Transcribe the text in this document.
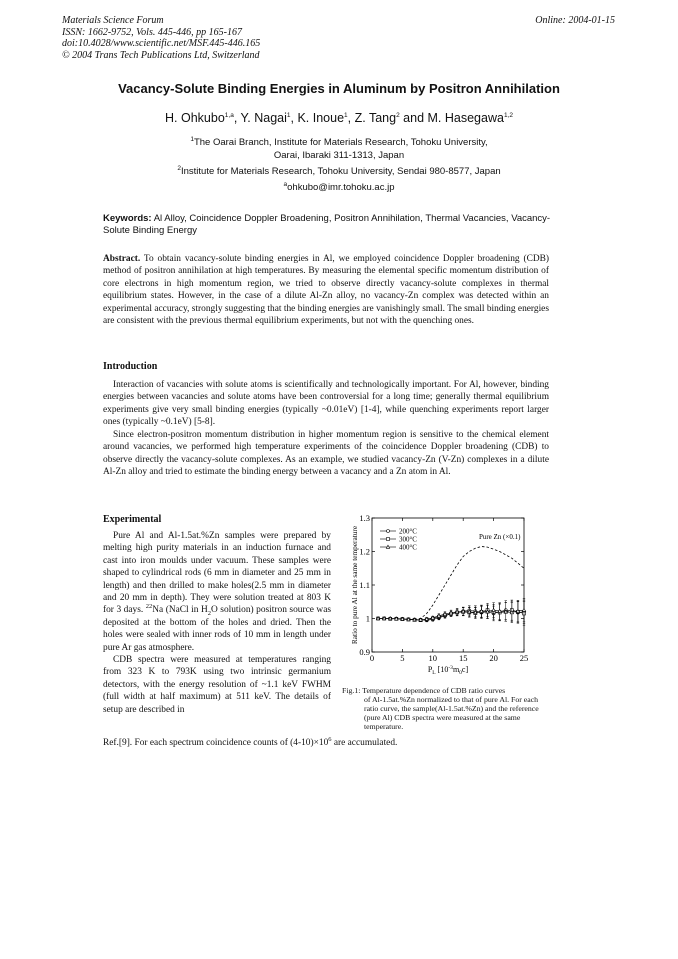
Materials Science Forum
ISSN: 1662-9752, Vols. 445-446, pp 165-167
doi:10.4028/www.scientific.net/MSF.445-446.165
© 2004 Trans Tech Publications Ltd, Switzerland
Online: 2004-01-15
Vacancy-Solute Binding Energies in Aluminum by Positron Annihilation
H. Ohkubo$^{1,a}$, Y. Nagai$^1$, K. Inoue$^1$, Z. Tang$^2$ and M. Hasegawa$^{1,2}$
$^1$The Oarai Branch, Institute for Materials Research, Tohoku University,
Oarai, Ibaraki 311-1313, Japan
$^2$Institute for Materials Research, Tohoku University, Sendai 980-8577, Japan
$^a$ohkubo@imr.tohoku.ac.jp
Keywords: Al Alloy, Coincidence Doppler Broadening, Positron Annihilation, Thermal Vacancies, Vacancy-Solute Binding Energy
Abstract. To obtain vacancy-solute binding energies in Al, we employed coincidence Doppler broadening (CDB) method of positron annihilation at high temperatures. By measuring the elemental specific momentum distribution of core electrons in high momentum region, we tried to observe directly vacancy-solute complexes in thermal equilibrium states. However, in the case of a dilute Al-Zn alloy, no vacancy-Zn complex was detected within an experimental accuracy, strongly suggesting that the binding energies are vanishingly small. The small binding energies are consistent with the previous thermal equilibrium experiments, but not with the quenching ones.
Introduction
Interaction of vacancies with solute atoms is scientifically and technologically important. For Al, however, binding energies between vacancies and solute atoms have been controversial for a long time; generally thermal equilibrium experiments give very small binding energies (typically ~0.01eV) [1-4], while quenching experiments report larger ones (typically ~0.1eV) [5-8].
Since electron-positron momentum distribution in higher momentum region is sensitive to the chemical element around vacancies, we performed high temperature experiments of the coincidence Doppler broadening (CDB) to observe directly the vacancy-solute complexes. As an example, we studied vacancy-Zn (V-Zn) complexes in a dilute Al-Zn alloy and tried to estimate the binding energy between a vacancy and a Zn atom in Al.
Experimental
Pure Al and Al-1.5at.%Zn samples were prepared by melting high purity materials in an induction furnace and cast into iron moulds under vacuum. These samples were shaped to cylindrical rods (6 mm in diameter and 25 mm in length) and then drilled to make holes(2.5 mm in diameter and 20 mm in depth). They were solution treated at 803 K for 3 days. $^{22}$Na (NaCl in $H_2O$ solution) positron source was deposited at the bottom of the holes and dried. Then the holes were sealed with inner rods of 10 mm in length under pure Ar gas atmosphere.
CDB spectra were measured at temperatures ranging from 323 K to 793K using two intrinsic germanium detectors, with the energy resolution of ~1.1 keV FWHM (full width at half maximum) at 511 keV. The details of setup are described in
Ref.[9]. For each spectrum coincidence counts of $(4-10)\times 10^6$ are accumulated.
0	5	10	15	20	25
0.9
1
1.1
1.2
1.3
Ratio to pure Al at the same temperature
$P_L$ $[10^{-3}m_0c]$
200°C
300°C
400°C
Pure Zn (×0.1)
Fig.1: Temperature dependence of CDB ratio curves
of Al-1.5at.%Zn normalized to that of pure Al. For each ratio curve, the sample(Al-1.5at.%Zn) and the reference (pure Al) CDB spectra were measured at the same temperature.
